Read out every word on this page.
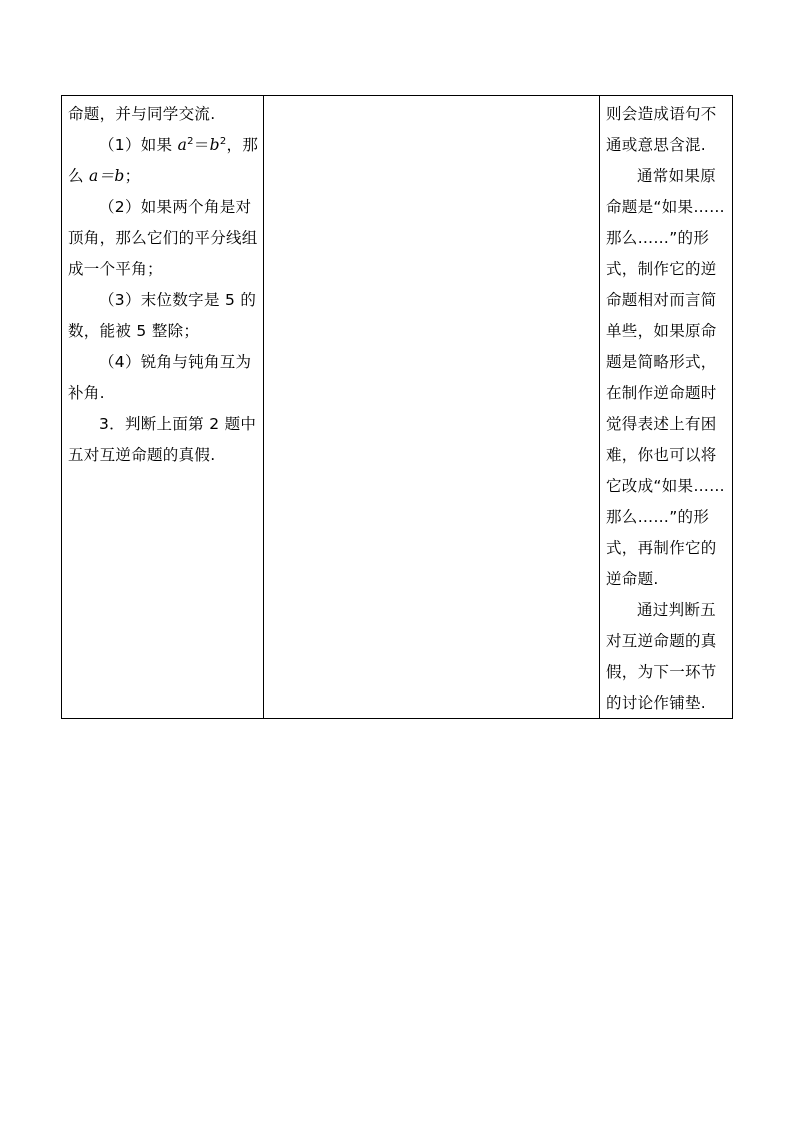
命题，并与同学交流.
（1）如果 $a^2=b^2$，那
么 a＝b；
（2）如果两个角是对
顶角，那么它们的平分线组
成一个平角；
（3）末位数字是 5 的
数，能被 5 整除；
（4）锐角与钝角互为
补角.
3．判断上面第 2 题中
五对互逆命题的真假.
则会造成语句不
通或意思含混.
通常如果原
命题是“如果……
那么……”的形
式，制作它的逆
命题相对而言简
单些，如果原命
题是简略形式，
在制作逆命题时
觉得表述上有困
难，你也可以将
它改成“如果……
那么……”的形
式，再制作它的
逆命题.
通过判断五
对互逆命题的真
假，为下一环节
的讨论作铺垫.
